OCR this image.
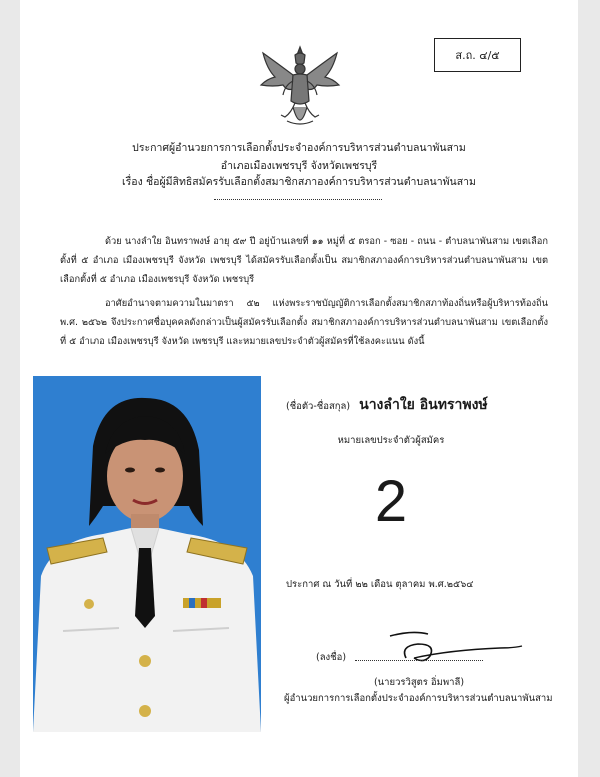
ส.ถ. ๔/๕
ประกาศผู้อำนวยการการเลือกตั้งประจำองค์การบริหารส่วนตำบลนาพันสาม
อำเภอเมืองเพชรบุรี จังหวัดเพชรบุรี
เรื่อง ชื่อผู้มีสิทธิสมัครรับเลือกตั้งสมาชิกสภาองค์การบริหารส่วนตำบลนาพันสาม
ด้วย นางลำใย อินทราพงษ์ อายุ ๕๙ ปี อยู่บ้านเลขที่ ๑๑ หมู่ที่ ๕ ตรอก - ซอย - ถนน - ตำบลนาพันสาม เขตเลือกตั้งที่ ๕ อำเภอ เมืองเพชรบุรี จังหวัด เพชรบุรี ได้สมัครรับเลือกตั้งเป็น สมาชิกสภาองค์การบริหารส่วนตำบลนาพันสาม เขตเลือกตั้งที่ ๕ อำเภอ เมืองเพชรบุรี จังหวัด เพชรบุรี
อาศัยอำนาจตามความในมาตรา ๕๒ แห่งพระราชบัญญัติการเลือกตั้งสมาชิกสภาท้องถิ่นหรือผู้บริหารท้องถิ่น พ.ศ. ๒๕๖๒ จึงประกาศชื่อบุคคลดังกล่าวเป็นผู้สมัครรับเลือกตั้ง สมาชิกสภาองค์การบริหารส่วนตำบลนาพันสาม เขตเลือกตั้งที่ ๕ อำเภอ เมืองเพชรบุรี จังหวัด เพชรบุรี และหมายเลขประจำตัวผู้สมัครที่ใช้ลงคะแนน ดังนี้
(ชื่อตัว-ชื่อสกุล) นางลำใย อินทราพงษ์
หมายเลขประจำตัวผู้สมัคร
2
ประกาศ ณ วันที่ ๒๒ เดือน ตุลาคม พ.ศ.๒๕๖๔
(ลงชื่อ)
(นายวรวิสูตร อิ่มพาลี)
ผู้อำนวยการการเลือกตั้งประจำองค์การบริหารส่วนตำบลนาพันสาม
